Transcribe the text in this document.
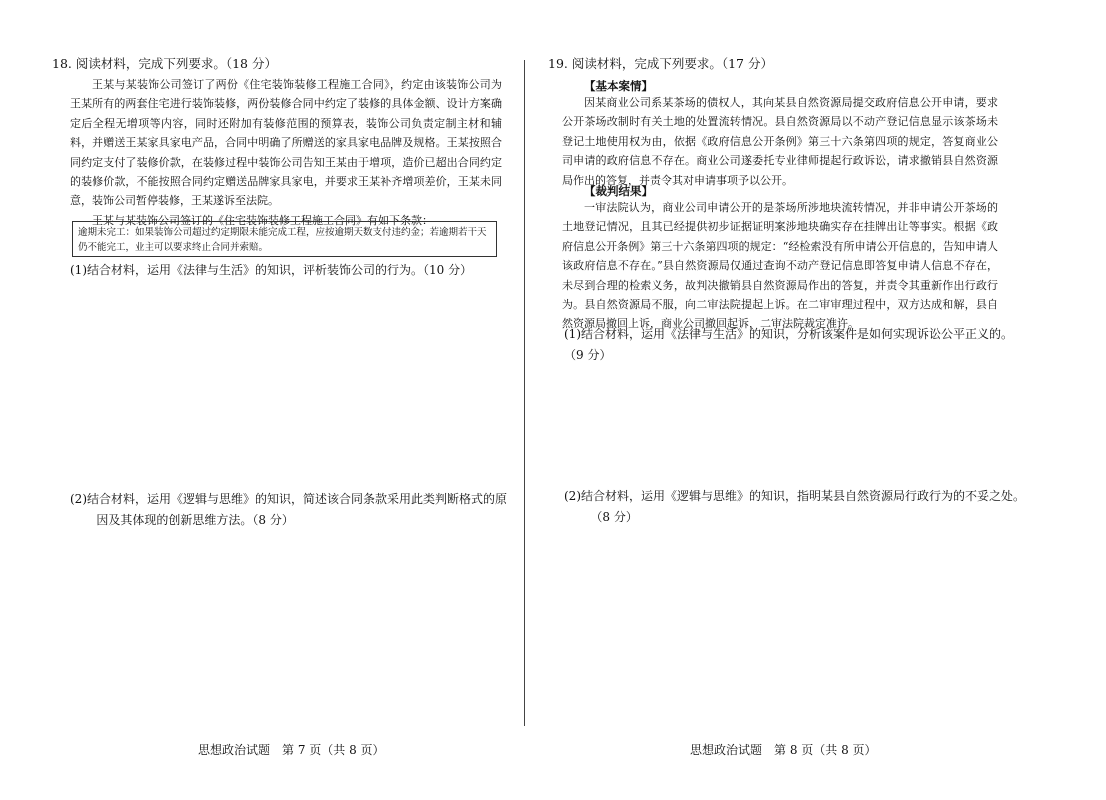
18. 阅读材料，完成下列要求。（18 分）

王某与某装饰公司签订了两份《住宅装饰装修工程施工合同》，约定由该装饰公司为王某所有的两套住宅进行装饰装修，两份装修合同中约定了装修的具体金额、设计方案确定后全程无增项等内容，同时还附加有装修范围的预算表，装饰公司负责定制主材和辅料，并赠送王某家具家电产品，合同中明确了所赠送的家具家电品牌及规格。王某按照合同约定支付了装修价款，在装修过程中装饰公司告知王某由于增项，造价已超出合同约定的装修价款，不能按照合同约定赠送品牌家具家电，并要求王某补齐增项差价，王某未同意，装饰公司暂停装修，王某遂诉至法院。

王某与某装饰公司签订的《住宅装饰装修工程施工合同》有如下条款：

逾期未完工：如果装饰公司超过约定期限未能完成工程，应按逾期天数支付违约金；若逾期若干天仍不能完工，业主可以要求终止合同并索赔。
(1)结合材料，运用《法律与生活》的知识，评析装饰公司的行为。（10 分）
(2)结合材料，运用《逻辑与思维》的知识，简述该合同条款采用此类判断格式的原因及其体现的创新思维方法。（8 分）
思想政治试题　第 7 页（共 8 页）
19. 阅读材料，完成下列要求。（17 分）
【基本案情】

因某商业公司系某茶场的债权人，其向某县自然资源局提交政府信息公开申请，要求公开茶场改制时有关土地的处置流转情况。县自然资源局以不动产登记信息显示该茶场未登记土地使用权为由，依据《政府信息公开条例》第三十六条第四项的规定，答复商业公司申请的政府信息不存在。商业公司遂委托专业律师提起行政诉讼，请求撤销县自然资源局作出的答复，并责令其对申请事项予以公开。

【裁判结果】

一审法院认为，商业公司申请公开的是茶场所涉地块流转情况，并非申请公开茶场的土地登记情况，且其已经提供初步证据证明案涉地块确实存在挂牌出让等事实。根据《政府信息公开条例》第三十六条第四项的规定：“经检索没有所申请公开信息的，告知申请人该政府信息不存在。”县自然资源局仅通过查询不动产登记信息即答复申请人信息不存在，未尽到合理的检索义务，故判决撤销县自然资源局作出的答复，并责令其重新作出行政行为。县自然资源局不服，向二审法院提起上诉。在二审审理过程中，双方达成和解，县自然资源局撤回上诉，商业公司撤回起诉，二审法院裁定准许。

(1)结合材料，运用《法律与生活》的知识，分析该案件是如何实现诉讼公平正义的。（9 分）
(2)结合材料，运用《逻辑与思维》的知识，指明某县自然资源局行政行为的不妥之处。（8 分）
思想政治试题　第 8 页（共 8 页）
